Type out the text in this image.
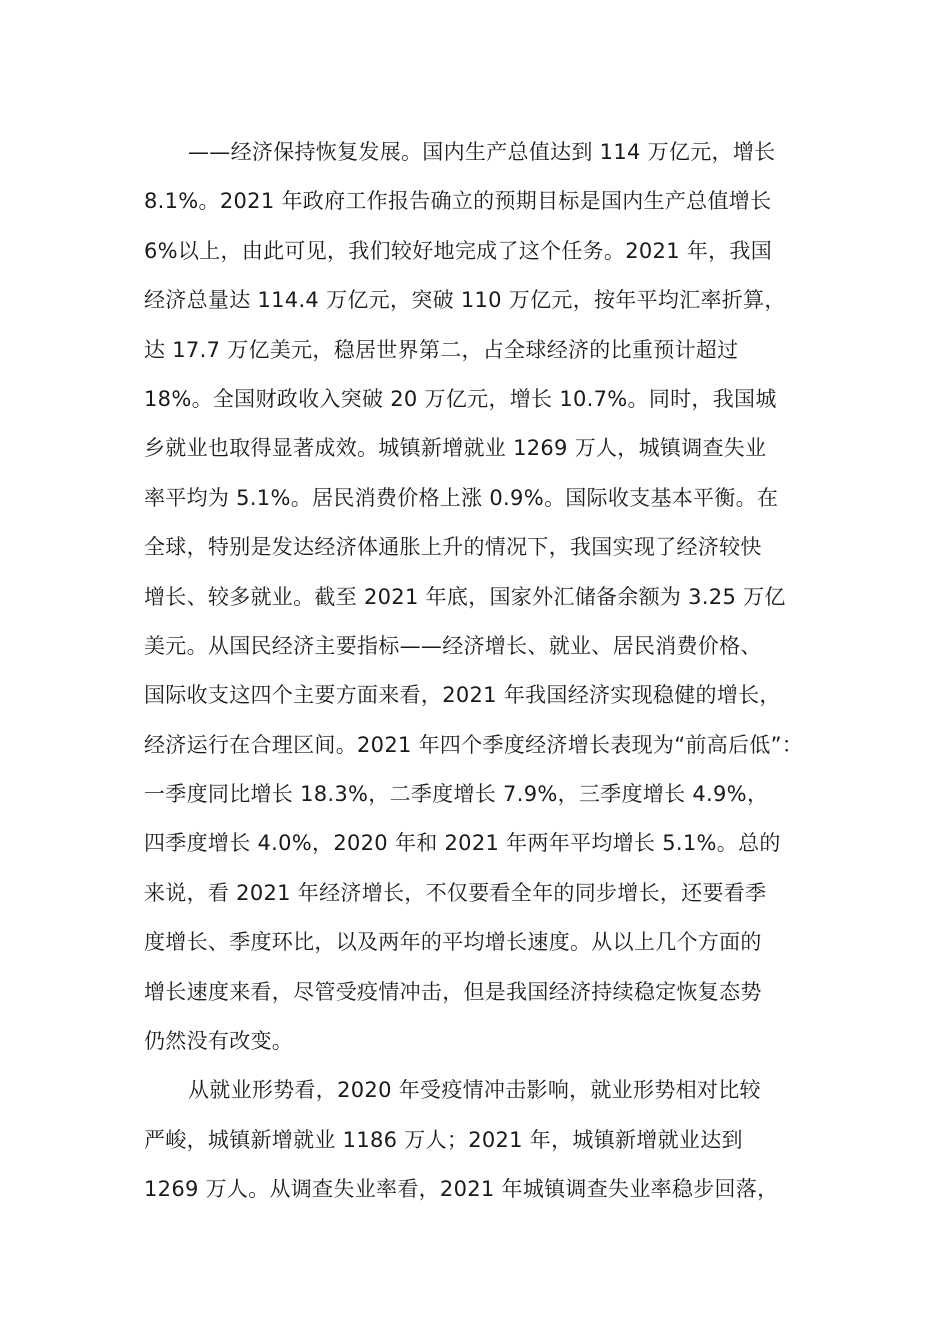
——经济保持恢复发展。国内生产总值达到 114 万亿元，增长
8.1%。2021 年政府工作报告确立的预期目标是国内生产总值增长
6%以上，由此可见，我们较好地完成了这个任务。2021 年，我国
经济总量达 114.4 万亿元，突破 110 万亿元，按年平均汇率折算，
达 17.7 万亿美元，稳居世界第二，占全球经济的比重预计超过
18%。全国财政收入突破 20 万亿元，增长 10.7%。同时，我国城
乡就业也取得显著成效。城镇新增就业 1269 万人，城镇调查失业
率平均为 5.1%。居民消费价格上涨 0.9%。国际收支基本平衡。在
全球，特别是发达经济体通胀上升的情况下，我国实现了经济较快
增长、较多就业。截至 2021 年底，国家外汇储备余额为 3.25 万亿
美元。从国民经济主要指标——经济增长、就业、居民消费价格、
国际收支这四个主要方面来看，2021 年我国经济实现稳健的增长，
经济运行在合理区间。2021 年四个季度经济增长表现为“前高后低”：
一季度同比增长 18.3%，二季度增长 7.9%，三季度增长 4.9%，
四季度增长 4.0%，2020 年和 2021 年两年平均增长 5.1%。总的
来说，看 2021 年经济增长，不仅要看全年的同步增长，还要看季
度增长、季度环比，以及两年的平均增长速度。从以上几个方面的
增长速度来看，尽管受疫情冲击，但是我国经济持续稳定恢复态势
仍然没有改变。
从就业形势看，2020 年受疫情冲击影响，就业形势相对比较
严峻，城镇新增就业 1186 万人；2021 年，城镇新增就业达到
1269 万人。从调查失业率看，2021 年城镇调查失业率稳步回落，
